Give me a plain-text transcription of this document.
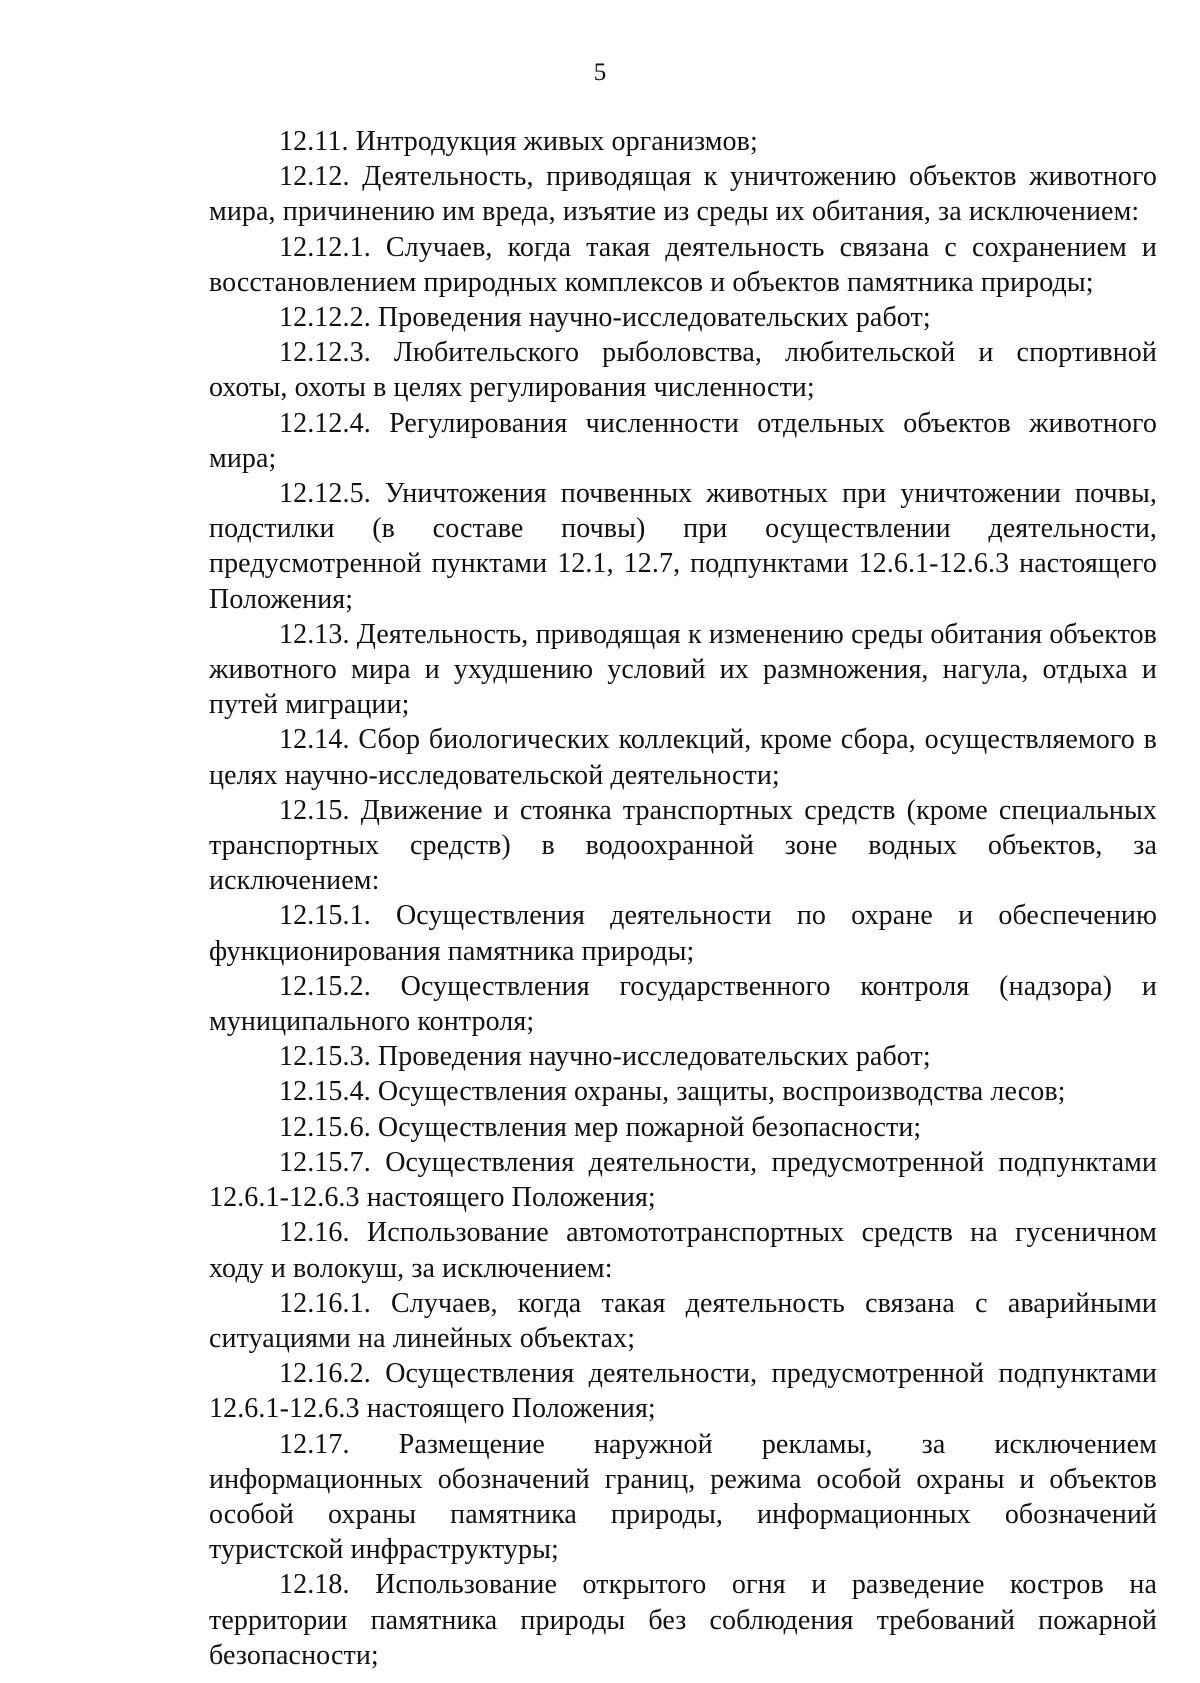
5

12.11. Интродукция живых организмов;

12.12. Деятельность, приводящая к уничтожению объектов животного мира, причинению им вреда, изъятие из среды их обитания, за исключением:

12.12.1. Случаев, когда такая деятельность связана с сохранением и восстановлением природных комплексов и объектов памятника природы;

12.12.2. Проведения научно-исследовательских работ;

12.12.3. Любительского рыболовства, любительской и спортивной охоты, охоты в целях регулирования численности;

12.12.4. Регулирования численности отдельных объектов животного мира;

12.12.5. Уничтожения почвенных животных при уничтожении почвы, подстилки (в составе почвы) при осуществлении деятельности, предусмотренной пунктами 12.1, 12.7, подпунктами 12.6.1-12.6.3 настоящего Положения;

12.13. Деятельность, приводящая к изменению среды обитания объектов животного мира и ухудшению условий их размножения, нагула, отдыха и путей миграции;

12.14. Сбор биологических коллекций, кроме сбора, осуществляемого в целях научно-исследовательской деятельности;

12.15. Движение и стоянка транспортных средств (кроме специальных транспортных средств) в водоохранной зоне водных объектов, за исключением:

12.15.1. Осуществления деятельности по охране и обеспечению функционирования памятника природы;

12.15.2. Осуществления государственного контроля (надзора) и муниципального контроля;

12.15.3. Проведения научно-исследовательских работ;

12.15.4. Осуществления охраны, защиты, воспроизводства лесов;

12.15.6. Осуществления мер пожарной безопасности;

12.15.7. Осуществления деятельности, предусмотренной подпунктами 12.6.1-12.6.3 настоящего Положения;

12.16. Использование автомототранспортных средств на гусеничном ходу и волокуш, за исключением:

12.16.1. Случаев, когда такая деятельность связана с аварийными ситуациями на линейных объектах;

12.16.2. Осуществления деятельности, предусмотренной подпунктами 12.6.1-12.6.3 настоящего Положения;

12.17. Размещение наружной рекламы, за исключением информационных обозначений границ, режима особой охраны и объектов особой охраны памятника природы, информационных обозначений туристской инфраструктуры;

12.18. Использование открытого огня и разведение костров на территории памятника природы без соблюдения требований пожарной безопасности;
